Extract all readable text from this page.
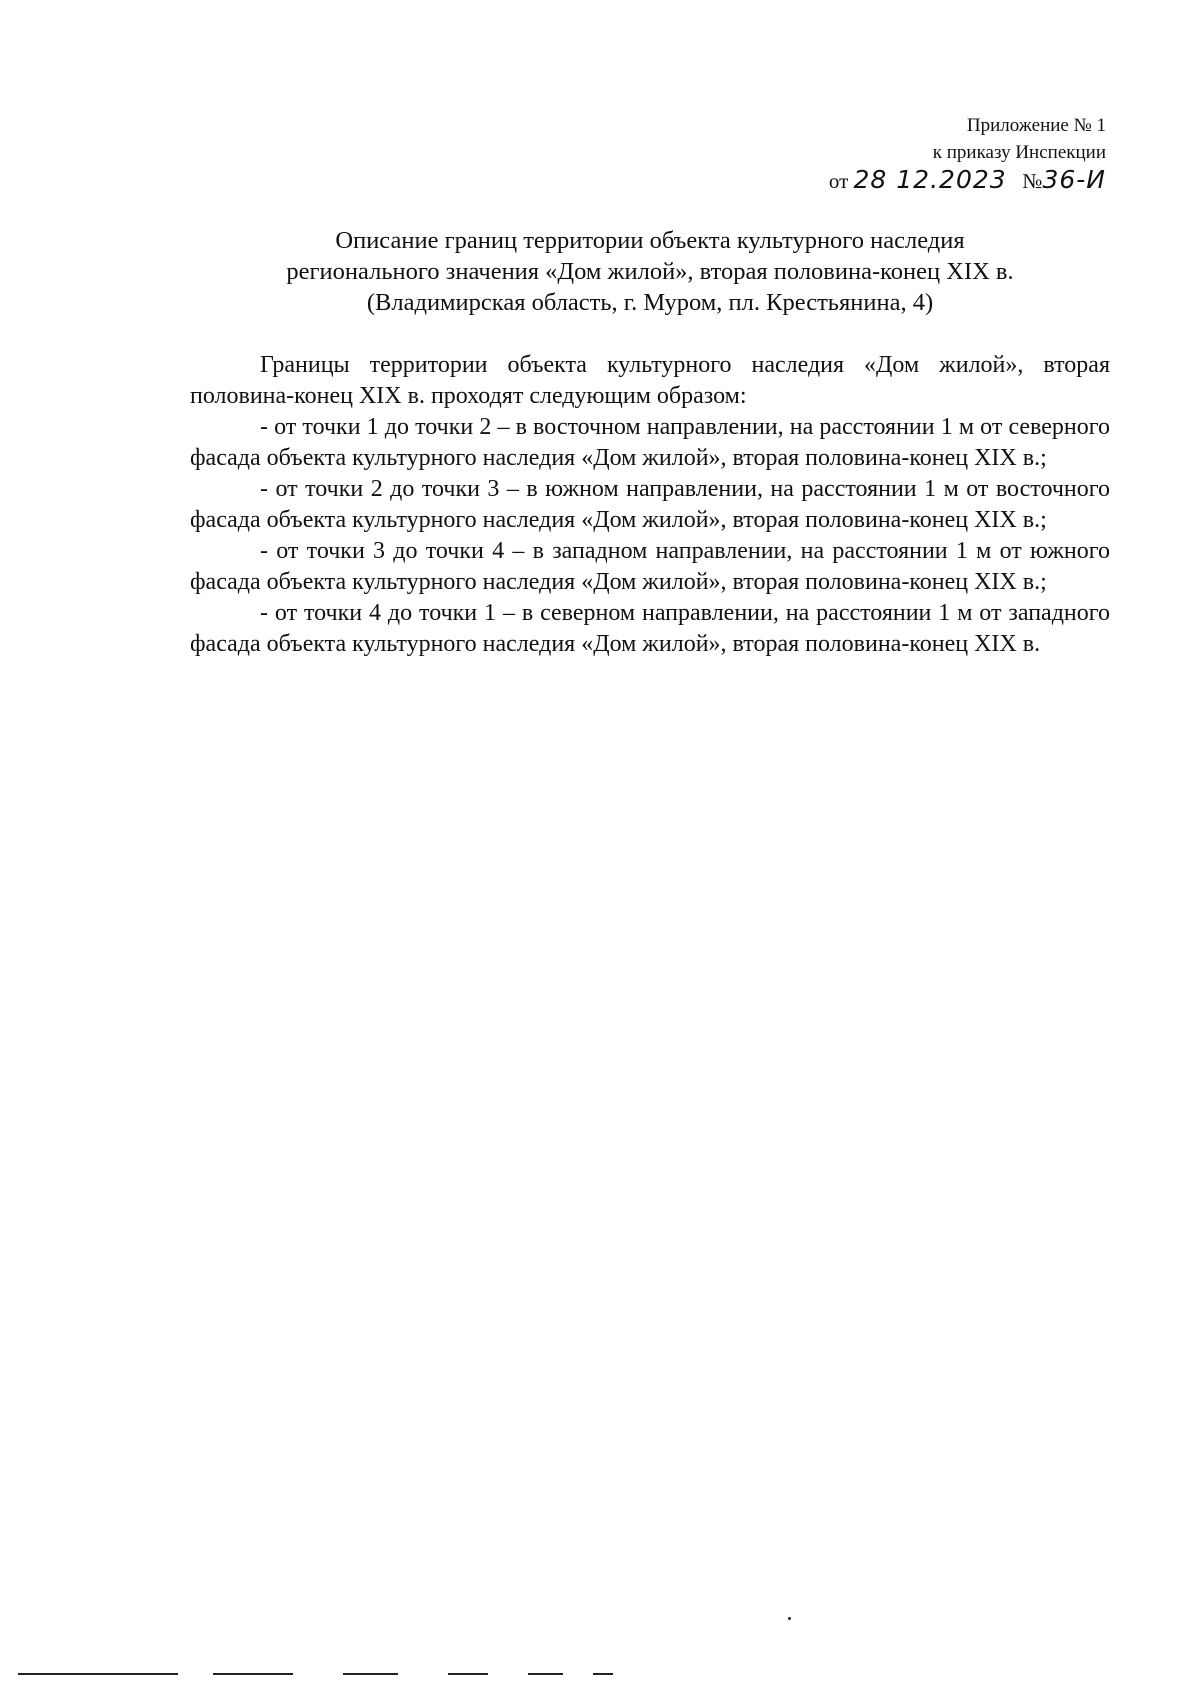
Приложение № 1
к приказу Инспекции
от 28 12.2023 №36-И
Описание границ территории объекта культурного наследия
регионального значения «Дом жилой», вторая половина-конец XIX в.
(Владимирская область, г. Муром, пл. Крестьянина, 4)

Границы территории объекта культурного наследия «Дом жилой», вторая половина-конец XIX в. проходят следующим образом:

- от точки 1 до точки 2 – в восточном направлении, на расстоянии 1 м от северного фасада объекта культурного наследия «Дом жилой», вторая половина-конец XIX в.;

- от точки 2 до точки 3 – в южном направлении, на расстоянии 1 м от восточного фасада объекта культурного наследия «Дом жилой», вторая половина-конец XIX в.;

- от точки 3 до точки 4 – в западном направлении, на расстоянии 1 м от южного фасада объекта культурного наследия «Дом жилой», вторая половина-конец XIX в.;

- от точки 4 до точки 1 – в северном направлении, на расстоянии 1 м от западного фасада объекта культурного наследия «Дом жилой», вторая половина-конец XIX в.
